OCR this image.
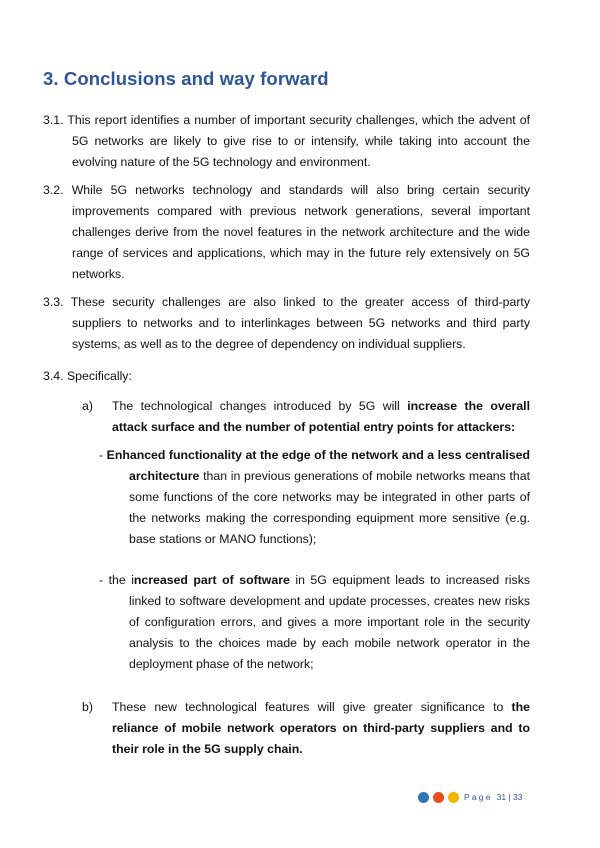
3. Conclusions and way forward

3.1. This report identifies a number of important security challenges, which the advent of 5G networks are likely to give rise to or intensify, while taking into account the evolving nature of the 5G technology and environment.

3.2. While 5G networks technology and standards will also bring certain security improvements compared with previous network generations, several important challenges derive from the novel features in the network architecture and the wide range of services and applications, which may in the future rely extensively on 5G networks.

3.3. These security challenges are also linked to the greater access of third-party suppliers to networks and to interlinkages between 5G networks and third party systems, as well as to the degree of dependency on individual suppliers.

3.4. Specifically:

a) The technological changes introduced by 5G will increase the overall attack surface and the number of potential entry points for attackers:

- Enhanced functionality at the edge of the network and a less centralised architecture than in previous generations of mobile networks means that some functions of the core networks may be integrated in other parts of the networks making the corresponding equipment more sensitive (e.g. base stations or MANO functions);

- the increased part of software in 5G equipment leads to increased risks linked to software development and update processes, creates new risks of configuration errors, and gives a more important role in the security analysis to the choices made by each mobile network operator in the deployment phase of the network;

b) These new technological features will give greater significance to the reliance of mobile network operators on third-party suppliers and to their role in the 5G supply chain.
Page 31 | 33
